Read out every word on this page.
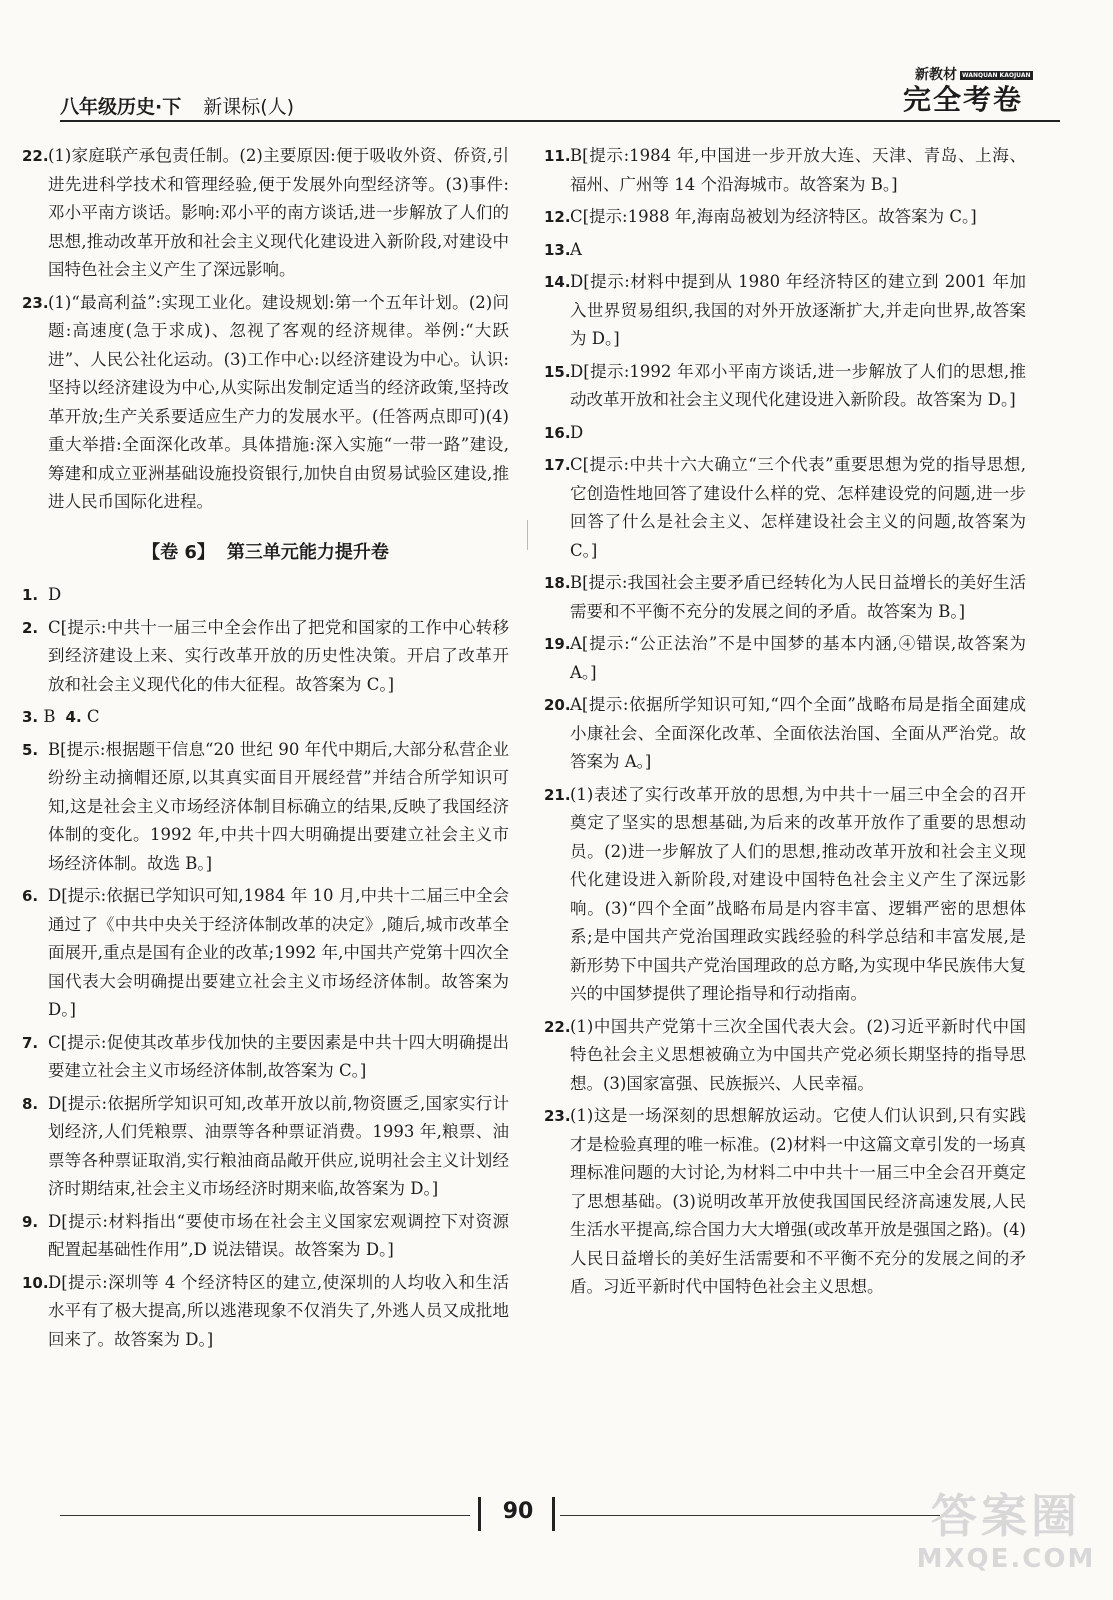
八年级历史·下 新课标(人)
新教材 WANQUAN KAOJUAN
完全考卷
22. (1)家庭联产承包责任制。(2)主要原因:便于吸收外资、侨资,引进先进科学技术和管理经验,便于发展外向型经济等。(3)事件:邓小平南方谈话。影响:邓小平的南方谈话,进一步解放了人们的思想,推动改革开放和社会主义现代化建设进入新阶段,对建设中国特色社会主义产生了深远影响。
23. (1)“最高利益”:实现工业化。建设规划:第一个五年计划。(2)问题:高速度(急于求成)、忽视了客观的经济规律。举例:“大跃进”、人民公社化运动。(3)工作中心:以经济建设为中心。认识:坚持以经济建设为中心,从实际出发制定适当的经济政策,坚持改革开放;生产关系要适应生产力的发展水平。(任答两点即可)(4)重大举措:全面深化改革。具体措施:深入实施“一带一路”建设,筹建和成立亚洲基础设施投资银行,加快自由贸易试验区建设,推进人民币国际化进程。
【卷 6】 第三单元能力提升卷
1. D
2. C[提示:中共十一届三中全会作出了把党和国家的工作中心转移到经济建设上来、实行改革开放的历史性决策。开启了改革开放和社会主义现代化的伟大征程。故答案为 C。]
3. B 4. C
5. B[提示:根据题干信息“20 世纪 90 年代中期后,大部分私营企业纷纷主动摘帽还原,以其真实面目开展经营”并结合所学知识可知,这是社会主义市场经济体制目标确立的结果,反映了我国经济体制的变化。1992 年,中共十四大明确提出要建立社会主义市场经济体制。故选 B。]
6. D[提示:依据已学知识可知,1984 年 10 月,中共十二届三中全会通过了《中共中央关于经济体制改革的决定》,随后,城市改革全面展开,重点是国有企业的改革;1992 年,中国共产党第十四次全国代表大会明确提出要建立社会主义市场经济体制。故答案为 D。]
7. C[提示:促使其改革步伐加快的主要因素是中共十四大明确提出要建立社会主义市场经济体制,故答案为 C。]
8. D[提示:依据所学知识可知,改革开放以前,物资匮乏,国家实行计划经济,人们凭粮票、油票等各种票证消费。1993 年,粮票、油票等各种票证取消,实行粮油商品敞开供应,说明社会主义计划经济时期结束,社会主义市场经济时期来临,故答案为 D。]
9. D[提示:材料指出“要使市场在社会主义国家宏观调控下对资源配置起基础性作用”,D 说法错误。故答案为 D。]
10. D[提示:深圳等 4 个经济特区的建立,使深圳的人均收入和生活水平有了极大提高,所以逃港现象不仅消失了,外逃人员又成批地回来了。故答案为 D。]
11. B[提示:1984 年,中国进一步开放大连、天津、青岛、上海、福州、广州等 14 个沿海城市。故答案为 B。]
12. C[提示:1988 年,海南岛被划为经济特区。故答案为 C。]
13. A
14. D[提示:材料中提到从 1980 年经济特区的建立到 2001 年加入世界贸易组织,我国的对外开放逐渐扩大,并走向世界,故答案为 D。]
15. D[提示:1992 年邓小平南方谈话,进一步解放了人们的思想,推动改革开放和社会主义现代化建设进入新阶段。故答案为 D。]
16. D
17. C[提示:中共十六大确立“三个代表”重要思想为党的指导思想,它创造性地回答了建设什么样的党、怎样建设党的问题,进一步回答了什么是社会主义、怎样建设社会主义的问题,故答案为 C。]
18. B[提示:我国社会主要矛盾已经转化为人民日益增长的美好生活需要和不平衡不充分的发展之间的矛盾。故答案为 B。]
19. A[提示:“公正法治”不是中国梦的基本内涵,④错误,故答案为 A。]
20. A[提示:依据所学知识可知,“四个全面”战略布局是指全面建成小康社会、全面深化改革、全面依法治国、全面从严治党。故答案为 A。]
21. (1)表述了实行改革开放的思想,为中共十一届三中全会的召开奠定了坚实的思想基础,为后来的改革开放作了重要的思想动员。(2)进一步解放了人们的思想,推动改革开放和社会主义现代化建设进入新阶段,对建设中国特色社会主义产生了深远影响。(3)“四个全面”战略布局是内容丰富、逻辑严密的思想体系;是中国共产党治国理政实践经验的科学总结和丰富发展,是新形势下中国共产党治国理政的总方略,为实现中华民族伟大复兴的中国梦提供了理论指导和行动指南。
22. (1)中国共产党第十三次全国代表大会。(2)习近平新时代中国特色社会主义思想被确立为中国共产党必须长期坚持的指导思想。(3)国家富强、民族振兴、人民幸福。
23. (1)这是一场深刻的思想解放运动。它使人们认识到,只有实践才是检验真理的唯一标准。(2)材料一中这篇文章引发的一场真理标准问题的大讨论,为材料二中中共十一届三中全会召开奠定了思想基础。(3)说明改革开放使我国国民经济高速发展,人民生活水平提高,综合国力大大增强(或改革开放是强国之路)。(4)人民日益增长的美好生活需要和不平衡不充分的发展之间的矛盾。习近平新时代中国特色社会主义思想。
90	答案圈
MXQE.COM
